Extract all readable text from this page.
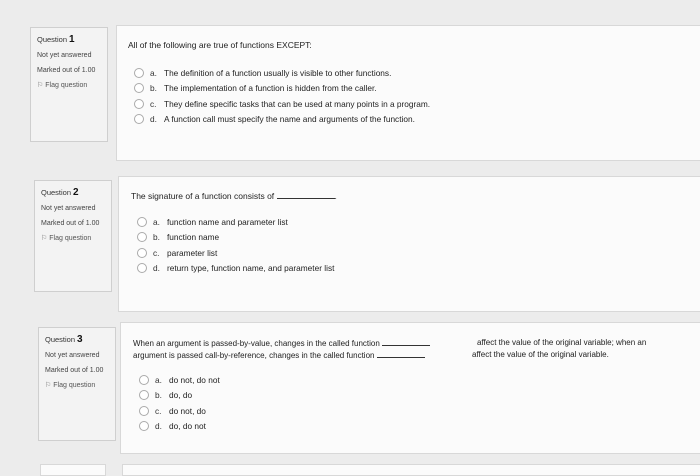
Question 1
Not yet answered
Marked out of 1.00
⚐ Flag question
All of the following are true of functions EXCEPT:
a. The definition of a function usually is visible to other functions.
b. The implementation of a function is hidden from the caller.
c. They define specific tasks that can be used at many points in a program.
d. A function call must specify the name and arguments of the function.
Question 2
Not yet answered
Marked out of 1.00
⚐ Flag question
The signature of a function consists of	.
a. function name and parameter list
b. function name
c. parameter list
d. return type, function name, and parameter list
Question 3
Not yet answered
Marked out of 1.00
⚐ Flag question
When an argument is passed-by-value, changes in the called function	affect the value of the original variable; when an
argument is passed call-by-reference, changes in the called function	affect the value of the original variable.
a. do not, do not
b. do, do
c. do not, do
d. do, do not
